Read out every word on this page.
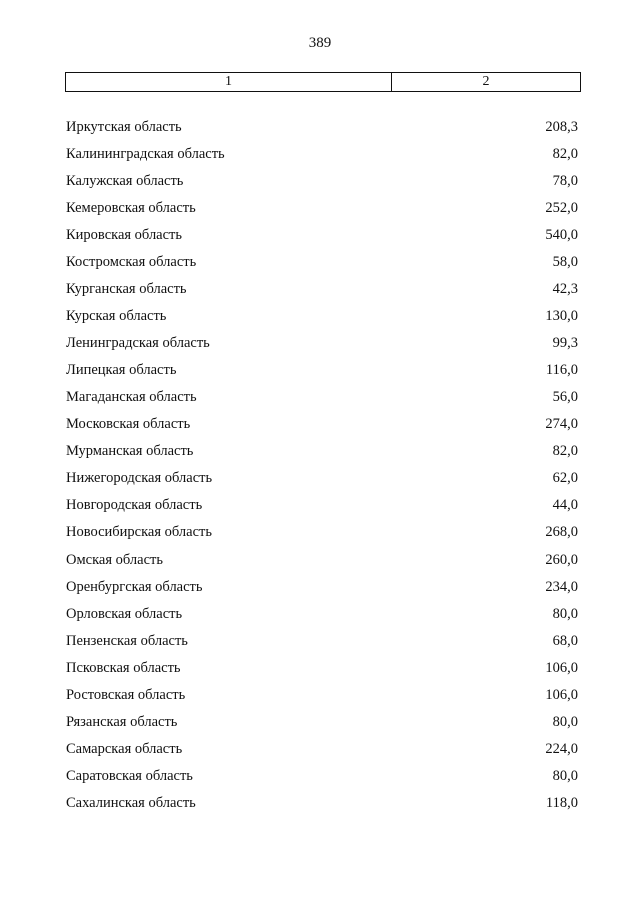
389
1	2
Иркутская область	208,3
Калининградская область	82,0
Калужская область	78,0
Кемеровская область	252,0
Кировская область	540,0
Костромская область	58,0
Курганская область	42,3
Курская область	130,0
Ленинградская область	99,3
Липецкая область	116,0
Магаданская область	56,0
Московская область	274,0
Мурманская область	82,0
Нижегородская область	62,0
Новгородская область	44,0
Новосибирская область	268,0
Омская область	260,0
Оренбургская область	234,0
Орловская область	80,0
Пензенская область	68,0
Псковская область	106,0
Ростовская область	106,0
Рязанская область	80,0
Самарская область	224,0
Саратовская область	80,0
Сахалинская область	118,0
